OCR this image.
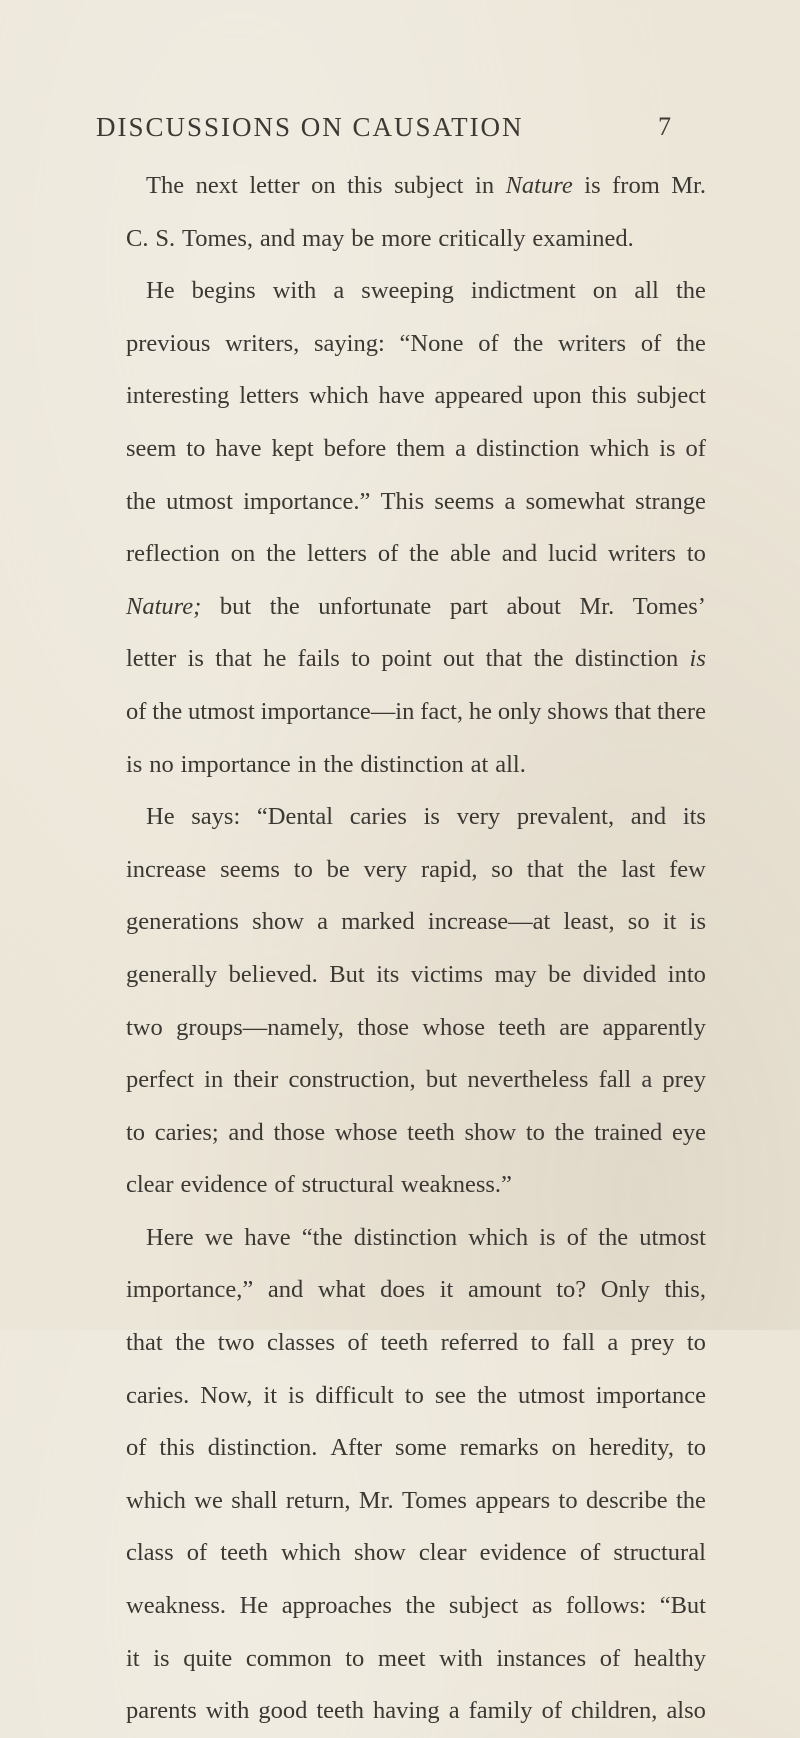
DISCUSSIONS ON CAUSATION	7
The next letter on this subject in Nature is from Mr.
C. S. Tomes, and may be more critically examined.
He begins with a sweeping indictment on all the
previous writers, saying: “None of the writers of the
interesting letters which have appeared upon this subject
seem to have kept before them a distinction which is of
the utmost importance.” This seems a somewhat strange
reflection on the letters of the able and lucid writers to
Nature; but the unfortunate part about Mr. Tomes’
letter is that he fails to point out that the distinction is
of the utmost importance—in fact, he only shows that there
is no importance in the distinction at all.
He says: “Dental caries is very prevalent, and its
increase seems to be very rapid, so that the last few
generations show a marked increase—at least, so it is
generally believed. But its victims may be divided into
two groups—namely, those whose teeth are apparently
perfect in their construction, but nevertheless fall a prey
to caries; and those whose teeth show to the trained eye
clear evidence of structural weakness.”
Here we have “the distinction which is of the utmost
importance,” and what does it amount to? Only this,
that the two classes of teeth referred to fall a prey to
caries. Now, it is difficult to see the utmost importance
of this distinction. After some remarks on heredity, to
which we shall return, Mr. Tomes appears to describe the
class of teeth which show clear evidence of structural
weakness. He approaches the subject as follows: “But
it is quite common to meet with instances of healthy
parents with good teeth having a family of children, also
